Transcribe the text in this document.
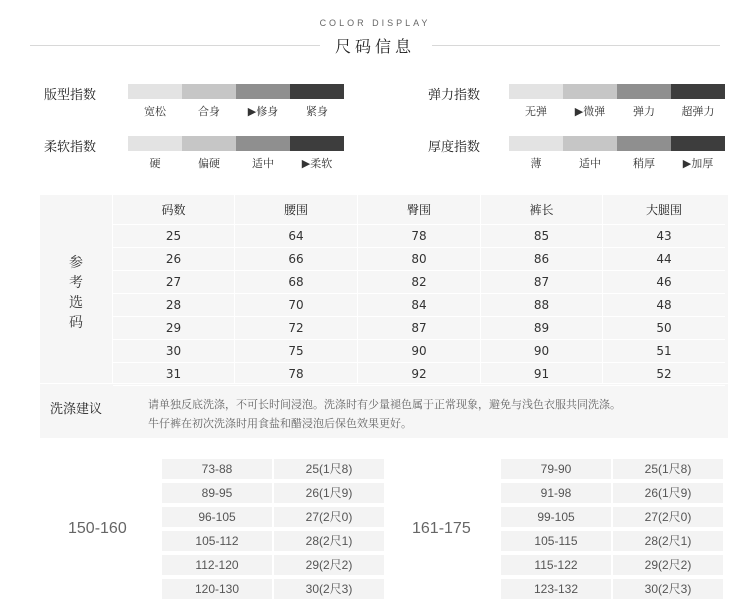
COLOR DISPLAY
尺码信息
版型指数
宽松	合身	▶修身	紧身
弹力指数
无弹	▶微弹	弹力	超弹力
柔软指数
硬	偏硬	适中	▶柔软
厚度指数
薄	适中	稍厚	▶加厚
参
考
选
码
码数	腰围	臀围	裤长	大腿围
25	64	78	85	43
26	66	80	86	44
27	68	82	87	46
28	70	84	88	48
29	72	87	89	50
30	75	90	90	51
31	78	92	91	52
洗涤建议	请单独反底洗涤，不可长时间浸泡。洗涤时有少量褪色属于正常现象，避免与浅色衣服共同洗涤。
牛仔裤在初次洗涤时用食盐和醋浸泡后保色效果更好。
150-160	161-175
73-88	25(1尺8)
89-95	26(1尺9)
96-105	27(2尺0)
105-112	28(2尺1)
112-120	29(2尺2)
120-130	30(2尺3)
79-90	25(1尺8)
91-98	26(1尺9)
99-105	27(2尺0)
105-115	28(2尺1)
115-122	29(2尺2)
123-132	30(2尺3)
